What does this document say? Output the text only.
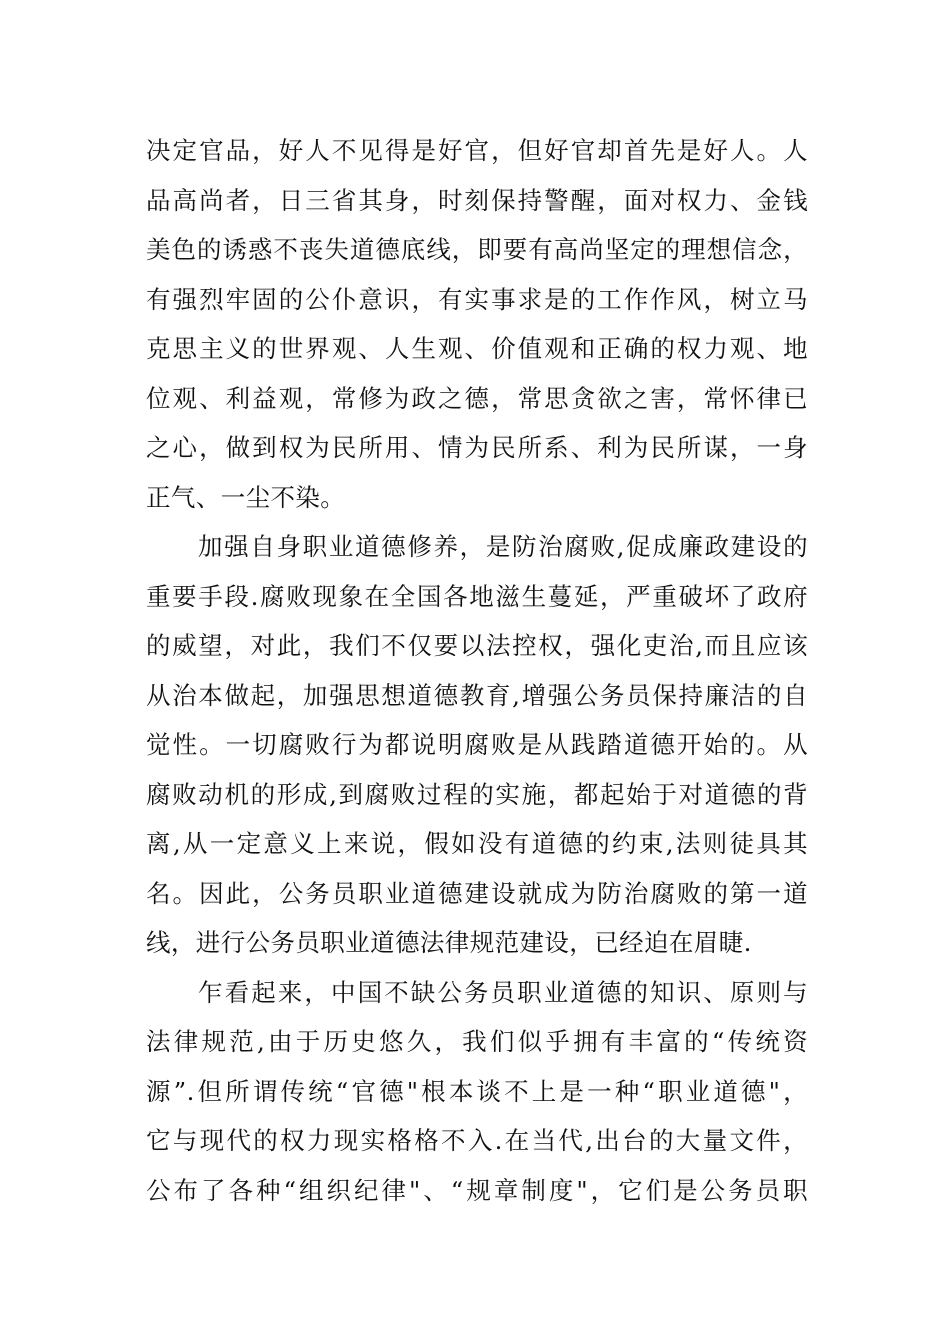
决定官品，好人不见得是好官，但好官却首先是好人。人
品高尚者，日三省其身，时刻保持警醒，面对权力、金钱
美色的诱惑不丧失道德底线，即要有高尚坚定的理想信念，
有强烈牢固的公仆意识，有实事求是的工作作风，树立马
克思主义的世界观、人生观、价值观和正确的权力观、地
位观、利益观，常修为政之德，常思贪欲之害，常怀律已
之心，做到权为民所用、情为民所系、利为民所谋，一身
正气、一尘不染。
加强自身职业道德修养，是防治腐败,促成廉政建设的
重要手段.腐败现象在全国各地滋生蔓延，严重破坏了政府
的威望，对此，我们不仅要以法控权，强化吏治,而且应该
从治本做起，加强思想道德教育,增强公务员保持廉洁的自
觉性。一切腐败行为都说明腐败是从践踏道德开始的。从
腐败动机的形成,到腐败过程的实施，都起始于对道德的背
离,从一定意义上来说，假如没有道德的约束,法则徒具其
名。因此，公务员职业道德建设就成为防治腐败的第一道
线，进行公务员职业道德法律规范建设，已经迫在眉睫.
乍看起来，中国不缺公务员职业道德的知识、原则与
法律规范,由于历史悠久，我们似乎拥有丰富的“传统资
源”.但所谓传统“官德"根本谈不上是一种“职业道德"，
它与现代的权力现实格格不入.在当代,出台的大量文件，
公布了各种“组织纪律"、“规章制度"，它们是公务员职
